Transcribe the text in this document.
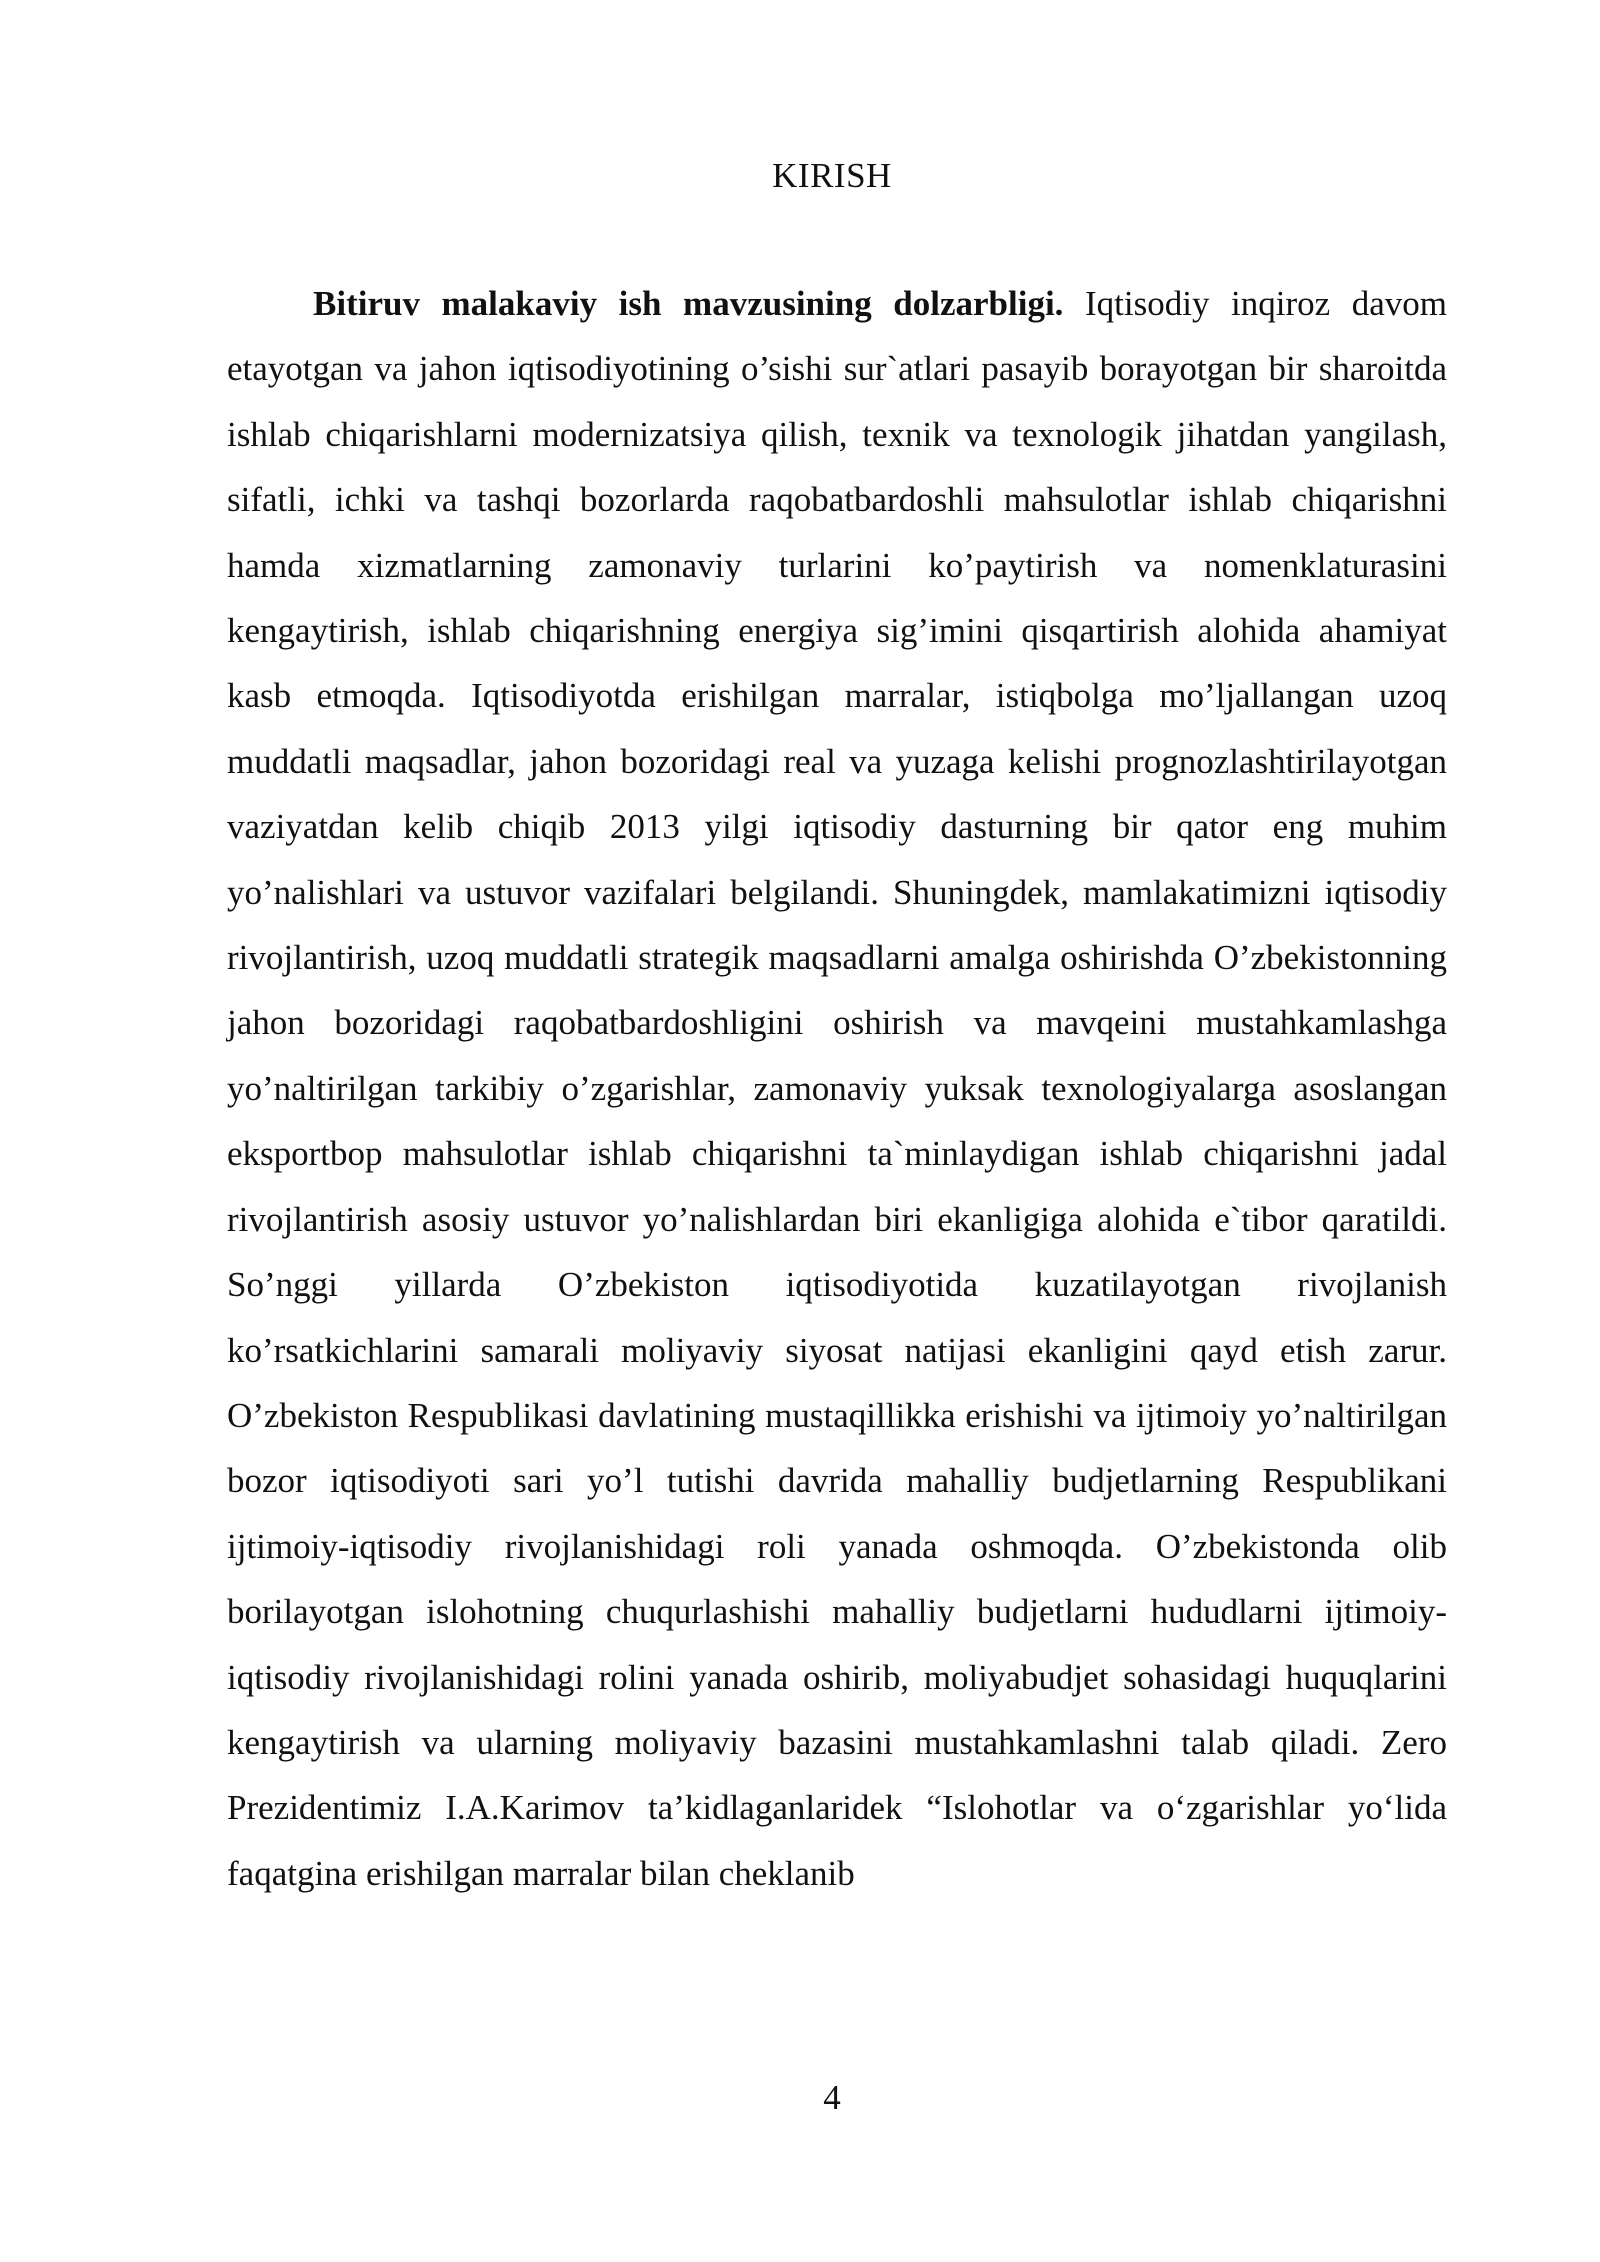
KIRISH

Bitiruv malakaviy ish mavzusining dolzarbligi. Iqtisodiy inqiroz davom etayotgan va jahon iqtisodiyotining o’sishi sur`atlari pasayib borayotgan bir sharoitda ishlab chiqarishlarni modernizatsiya qilish, texnik va texnologik jihatdan yangilash, sifatli, ichki va tashqi bozorlarda raqobatbardoshli mahsulotlar ishlab chiqarishni hamda xizmatlarning zamonaviy turlarini ko’paytirish va nomenklaturasini kengaytirish, ishlab chiqarishning energiya sig’imini qisqartirish alohida ahamiyat kasb etmoqda. Iqtisodiyotda erishilgan marralar, istiqbolga mo’ljallangan uzoq muddatli maqsadlar, jahon bozoridagi real va yuzaga kelishi prognozlashtirilayotgan vaziyatdan kelib chiqib 2013 yilgi iqtisodiy dasturning bir qator eng muhim yo’nalishlari va ustuvor vazifalari belgilandi. Shuningdek, mamlakatimizni iqtisodiy rivojlantirish, uzoq muddatli strategik maqsadlarni amalga oshirishda O’zbekistonning jahon bozoridagi raqobatbardoshligini oshirish va mavqeini mustahkamlashga yo’naltirilgan tarkibiy o’zgarishlar, zamonaviy yuksak texnologiyalarga asoslangan eksportbop mahsulotlar ishlab chiqarishni ta`minlaydigan ishlab chiqarishni jadal rivojlantirish asosiy ustuvor yo’nalishlardan biri ekanligiga alohida e`tibor qaratildi. So’nggi yillarda O’zbekiston iqtisodiyotida kuzatilayotgan rivojlanish ko’rsatkichlarini samarali moliyaviy siyosat natijasi ekanligini qayd etish zarur. O’zbekiston Respublikasi davlatining mustaqillikka erishishi va ijtimoiy yo’naltirilgan bozor iqtisodiyoti sari yo’l tutishi davrida mahalliy budjetlarning Respublikani ijtimoiy-iqtisodiy rivojlanishidagi roli yanada oshmoqda. O’zbekistonda olib borilayotgan islohotning chuqurlashishi mahalliy budjetlarni hududlarni ijtimoiy-iqtisodiy rivojlanishidagi rolini yanada oshirib, moliyabudjet sohasidagi huquqlarini kengaytirish va ularning moliyaviy bazasini mustahkamlashni talab qiladi. Zero Prezidentimiz I.A.Karimov ta’kidlaganlaridek “Islohotlar va o‘zgarishlar yo‘lida faqatgina erishilgan marralar bilan cheklanib

4
